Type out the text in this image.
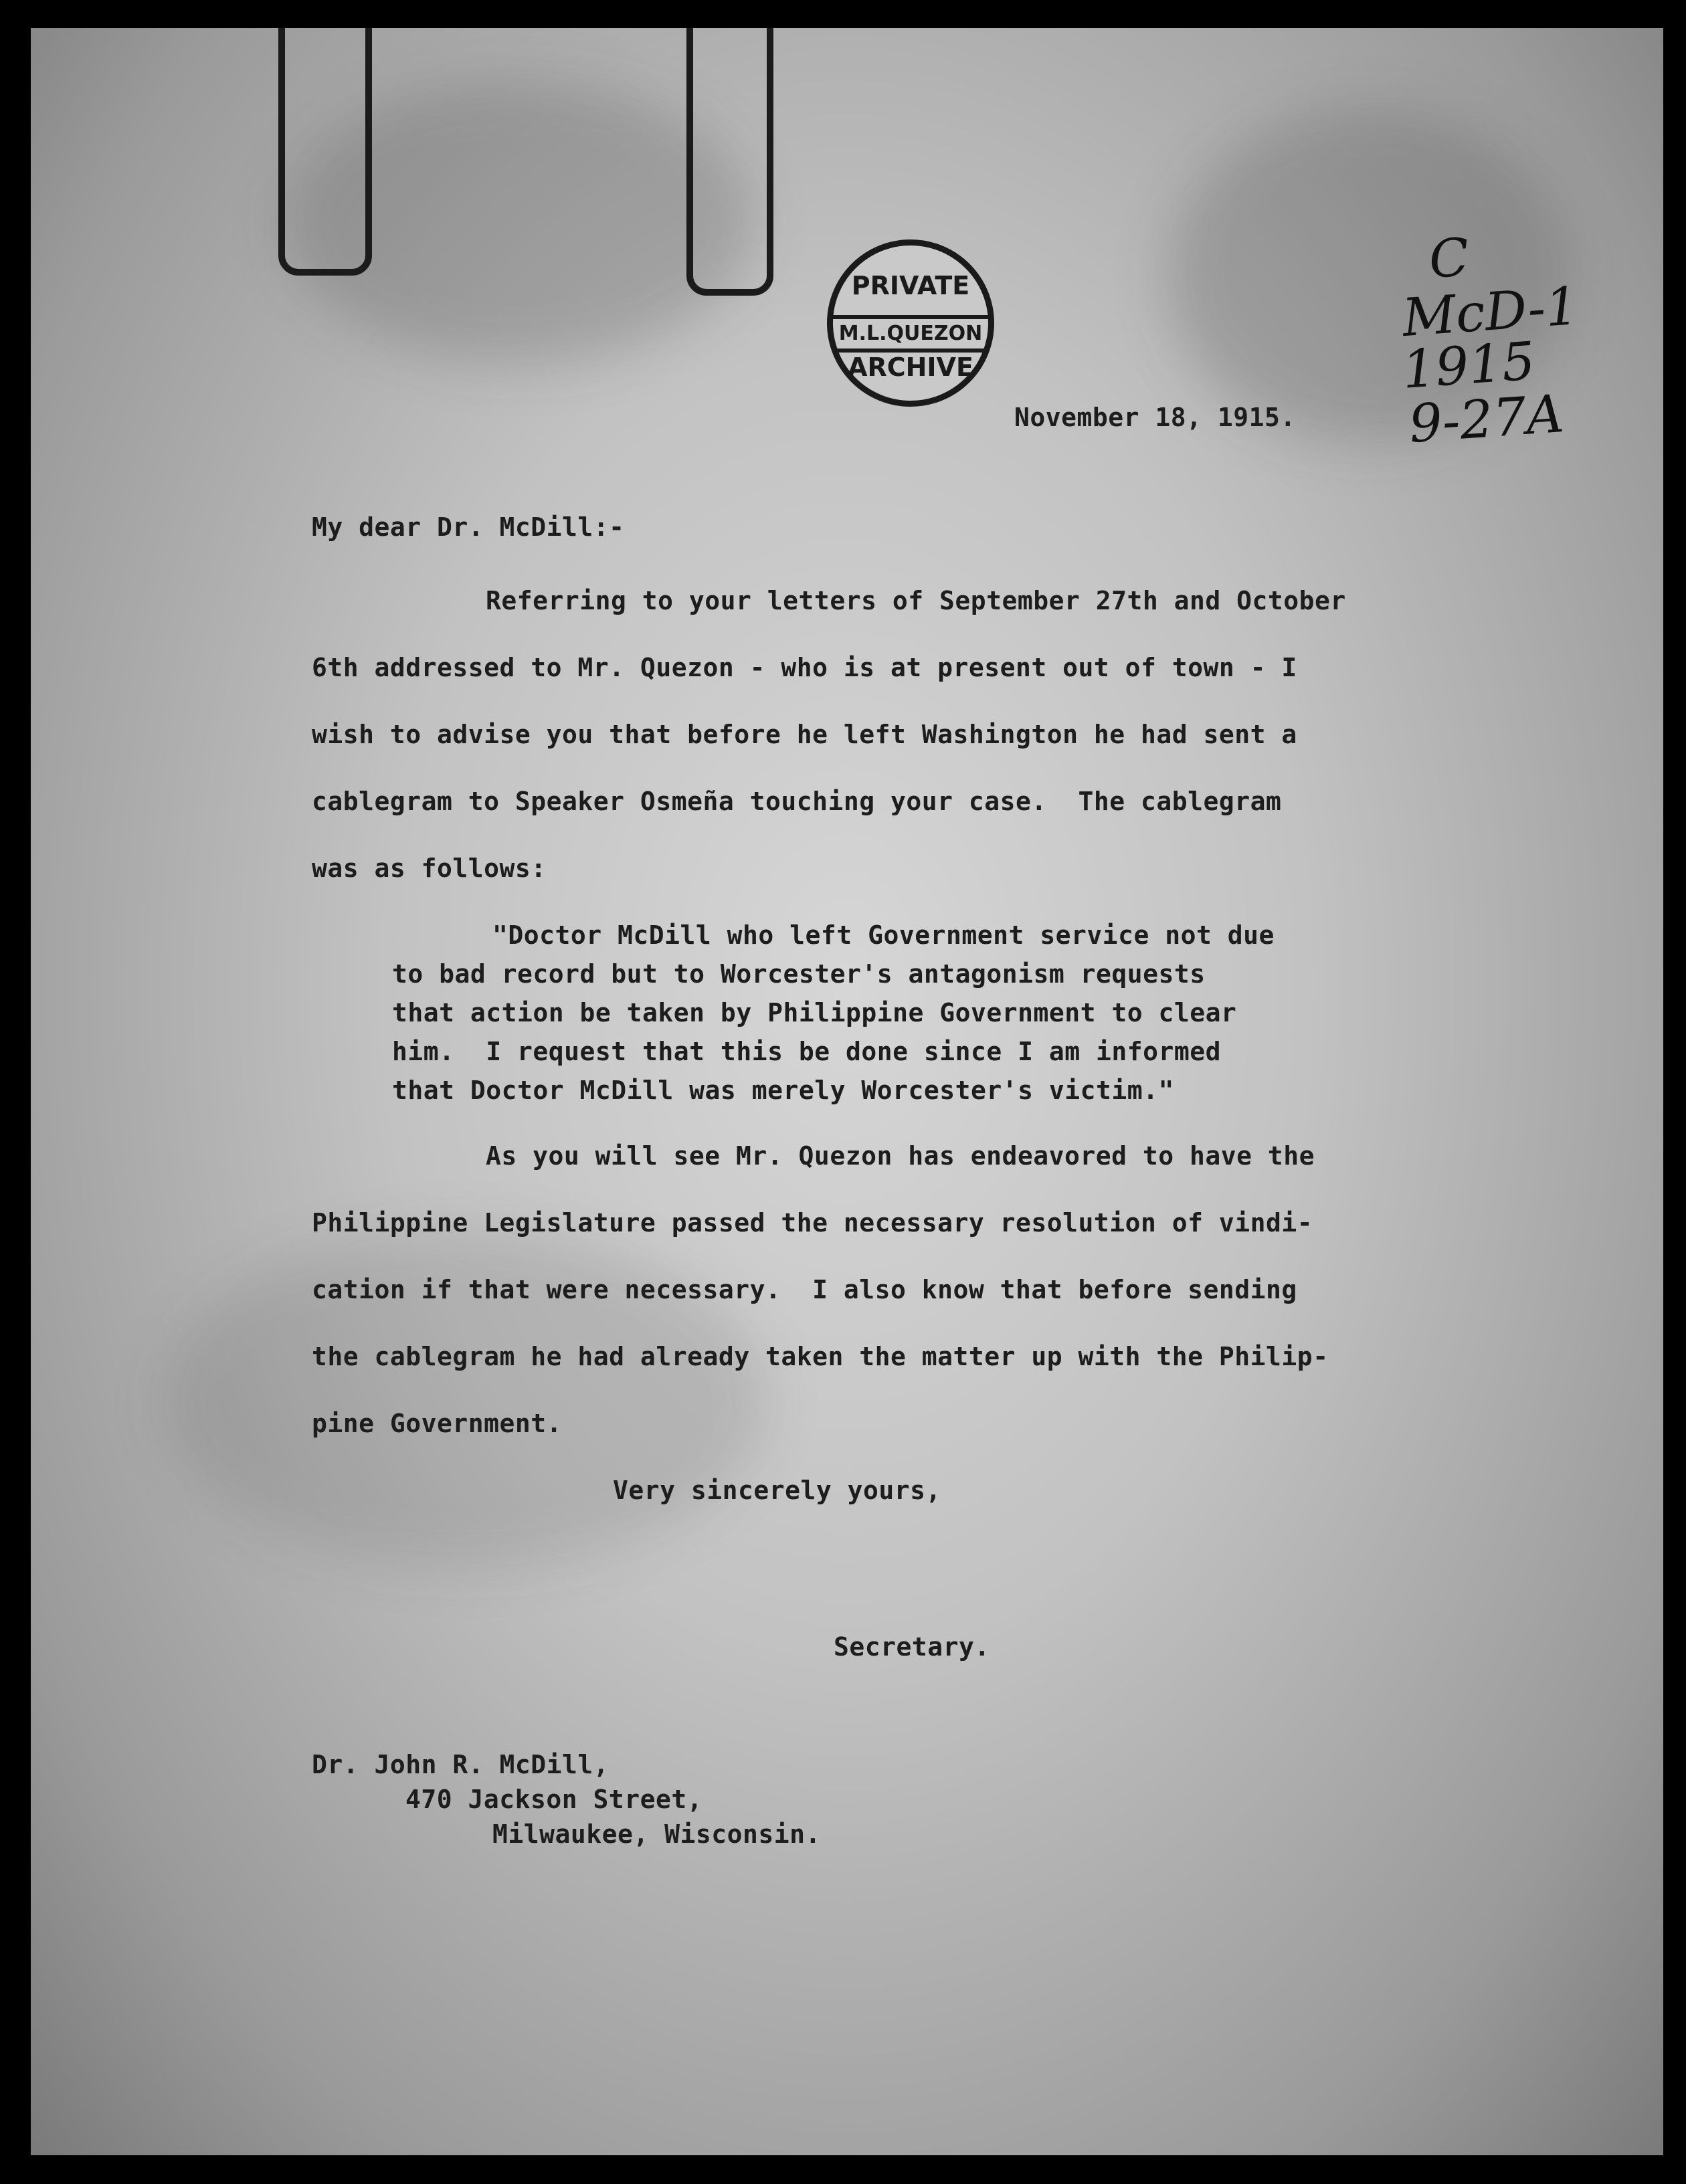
PRIVATE
M.L.QUEZON
ARCHIVE
C
McD-1
1915
9-27A
November 18, 1915.
My dear Dr. McDill:-
Referring to your letters of September 27th and October
6th addressed to Mr. Quezon - who is at present out of town - I
wish to advise you that before he left Washington he had sent a
cablegram to Speaker Osmeña touching your case.  The cablegram
was as follows:
"Doctor McDill who left Government service not due
to bad record but to Worcester's antagonism requests
that action be taken by Philippine Government to clear
him.  I request that this be done since I am informed
that Doctor McDill was merely Worcester's victim."
As you will see Mr. Quezon has endeavored to have the
Philippine Legislature passed the necessary resolution of vindi-
cation if that were necessary.  I also know that before sending
the cablegram he had already taken the matter up with the Philip-
pine Government.
Very sincerely yours,
Secretary.
Dr. John R. McDill,
470 Jackson Street,
Milwaukee, Wisconsin.
